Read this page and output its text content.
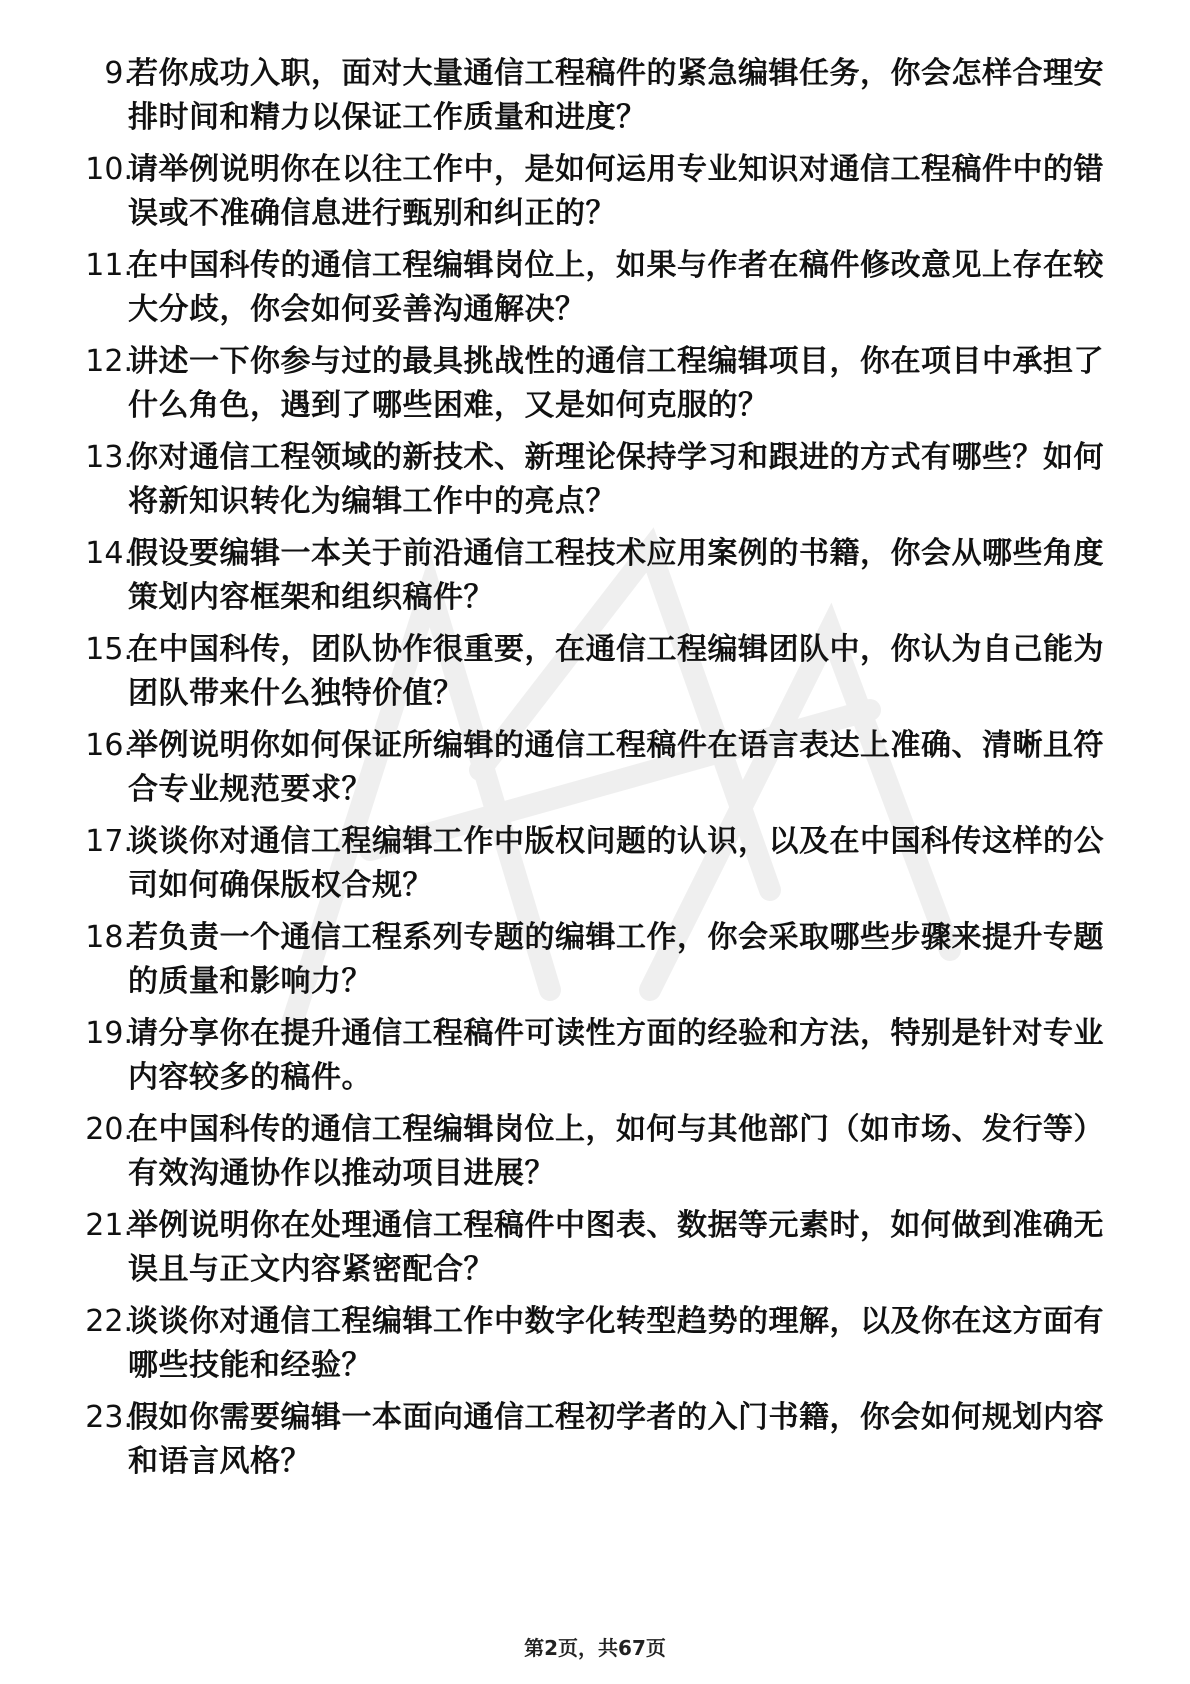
9.
若你成功入职，面对大量通信工程稿件的紧急编辑任务，你会怎样合理安排时间和精力以保证工作质量和进度？
10.
请举例说明你在以往工作中，是如何运用专业知识对通信工程稿件中的错误或不准确信息进行甄别和纠正的？
11.
在中国科传的通信工程编辑岗位上，如果与作者在稿件修改意见上存在较大分歧，你会如何妥善沟通解决？
12.
讲述一下你参与过的最具挑战性的通信工程编辑项目，你在项目中承担了什么角色，遇到了哪些困难，又是如何克服的？
13.
你对通信工程领域的新技术、新理论保持学习和跟进的方式有哪些？如何将新知识转化为编辑工作中的亮点？
14.
假设要编辑一本关于前沿通信工程技术应用案例的书籍，你会从哪些角度策划内容框架和组织稿件？
15.
在中国科传，团队协作很重要，在通信工程编辑团队中，你认为自己能为团队带来什么独特价值？
16.
举例说明你如何保证所编辑的通信工程稿件在语言表达上准确、清晰且符合专业规范要求？
17.
谈谈你对通信工程编辑工作中版权问题的认识，以及在中国科传这样的公司如何确保版权合规？
18.
若负责一个通信工程系列专题的编辑工作，你会采取哪些步骤来提升专题的质量和影响力？
19.
请分享你在提升通信工程稿件可读性方面的经验和方法，特别是针对专业内容较多的稿件。
20.
在中国科传的通信工程编辑岗位上，如何与其他部门（如市场、发行等）有效沟通协作以推动项目进展？
21.
举例说明你在处理通信工程稿件中图表、数据等元素时，如何做到准确无误且与正文内容紧密配合？
22.
谈谈你对通信工程编辑工作中数字化转型趋势的理解，以及你在这方面有哪些技能和经验？
23.
假如你需要编辑一本面向通信工程初学者的入门书籍，你会如何规划内容和语言风格？
第2页，共67页
